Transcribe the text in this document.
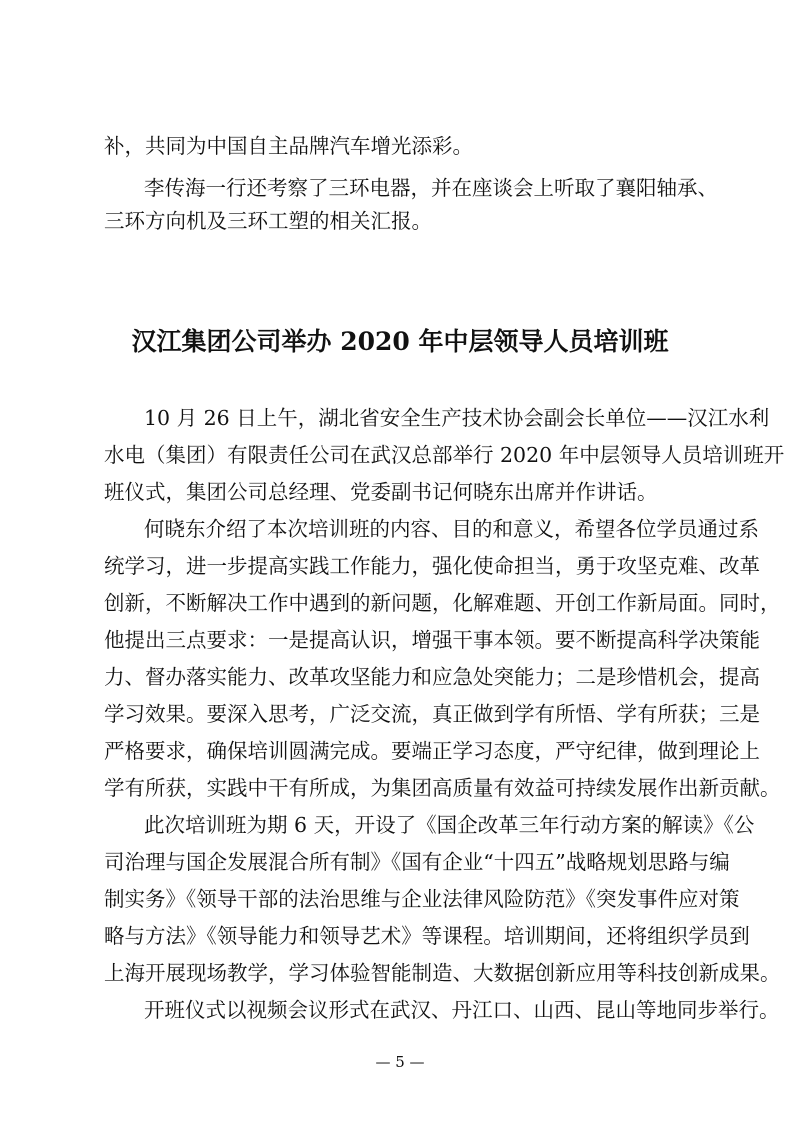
补，共同为中国自主品牌汽车增光添彩。
李传海一行还考察了三环电器，并在座谈会上听取了襄阳轴承、
三环方向机及三环工塑的相关汇报。
汉江集团公司举办 2020 年中层领导人员培训班
10 月 26 日上午，湖北省安全生产技术协会副会长单位——汉江水利
水电（集团）有限责任公司在武汉总部举行 2020 年中层领导人员培训班开
班仪式，集团公司总经理、党委副书记何晓东出席并作讲话。
何晓东介绍了本次培训班的内容、目的和意义，希望各位学员通过系
统学习，进一步提高实践工作能力，强化使命担当，勇于攻坚克难、改革
创新，不断解决工作中遇到的新问题，化解难题、开创工作新局面。同时，
他提出三点要求：一是提高认识，增强干事本领。要不断提高科学决策能
力、督办落实能力、改革攻坚能力和应急处突能力；二是珍惜机会，提高
学习效果。要深入思考，广泛交流，真正做到学有所悟、学有所获；三是
严格要求，确保培训圆满完成。要端正学习态度，严守纪律，做到理论上
学有所获，实践中干有所成，为集团高质量有效益可持续发展作出新贡献。
此次培训班为期 6 天，开设了《国企改革三年行动方案的解读》《公
司治理与国企发展混合所有制》《国有企业“十四五”战略规划思路与编
制实务》《领导干部的法治思维与企业法律风险防范》《突发事件应对策
略与方法》《领导能力和领导艺术》等课程。培训期间，还将组织学员到
上海开展现场教学，学习体验智能制造、大数据创新应用等科技创新成果。
开班仪式以视频会议形式在武汉、丹江口、山西、昆山等地同步举行。
— 5 —
